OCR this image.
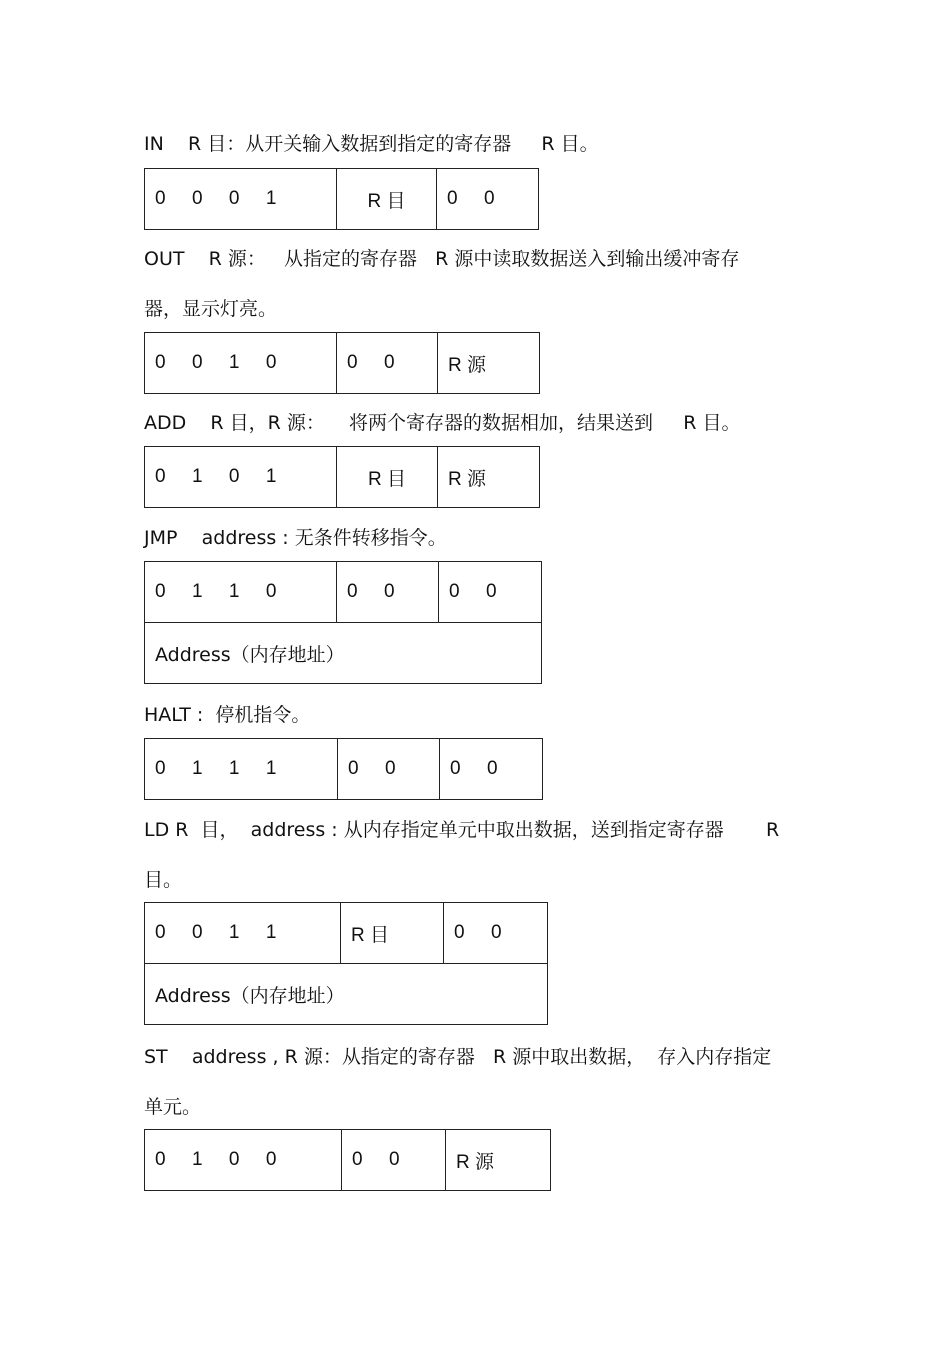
IN    R 目：从开关输入数据到指定的寄存器     R 目。
0     0     0     1	R 目	0     0
OUT    R 源：   从指定的寄存器   R 源中读取数据送入到输出缓冲寄存
器，显示灯亮。
0     0     1     0	0     0	R 源
ADD    R 目，R 源：    将两个寄存器的数据相加，结果送到     R 目。
0     1     0     1	R 目	R 源
JMP    address : 无条件转移指令。
0     1     1     0	0     0	0     0
Address（内存地址）
HALT :  停机指令。
0     1     1     1	0     0	0     0
LD R  目，  address : 从内存指定单元中取出数据，送到指定寄存器       R
目。
0     0     1     1	R 目	0     0
Address（内存地址）
ST    address , R 源：从指定的寄存器   R 源中取出数据，  存入内存指定
单元。
0     1     0     0	0     0	R 源
